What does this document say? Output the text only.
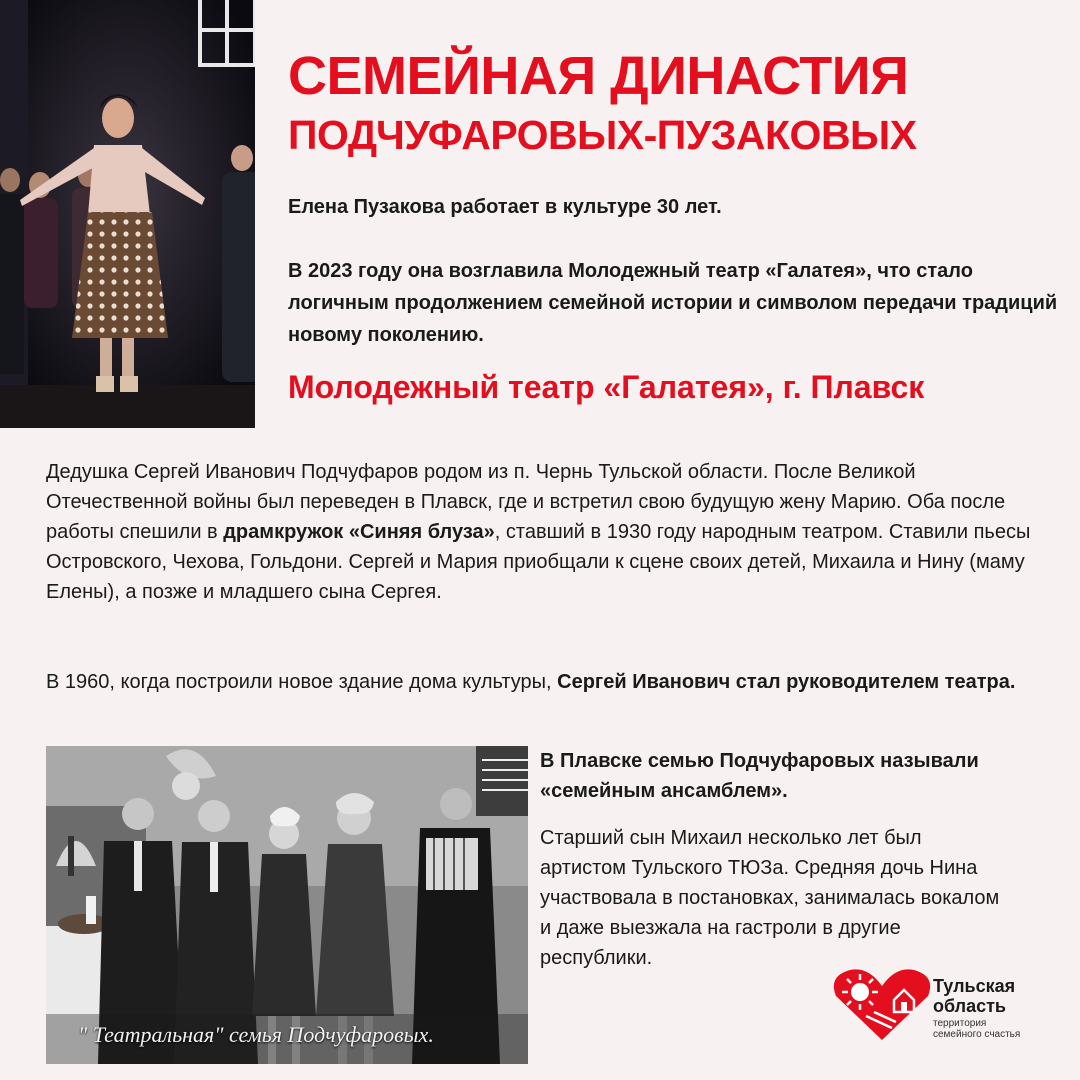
СЕМЕЙНАЯ ДИНАСТИЯ
ПОДЧУФАРОВЫХ-ПУЗАКОВЫХ
Елена Пузакова работает в культуре 30 лет.
В 2023 году она возглавила Молодежный театр «Галатея», что стало логичным продолжением семейной истории и символом передачи традиций новому поколению.
Молодежный театр «Галатея», г. Плавск
Дедушка Сергей Иванович Подчуфаров родом из п. Чернь Тульской области. После Великой Отечественной войны был переведен в Плавск, где и встретил свою будущую жену Марию. Оба после работы спешили в драмкружок «Синяя блуза», ставший в 1930 году народным театром. Ставили пьесы Островского, Чехова, Гольдони. Сергей и Мария приобщали к сцене своих детей, Михаила и Нину (маму Елены), а позже и младшего сына Сергея.
В 1960, когда построили новое здание дома культуры, Сергей Иванович стал руководителем театра.
" Театральная" семья Подчуфаровых.
В Плавске семью Подчуфаровых называли «семейным ансамблем».
Старший сын Михаил несколько лет был артистом Тульского ТЮЗа. Средняя дочь Нина участвовала в постановках, занималась вокалом и даже выезжала на гастроли в другие республики.
Тульская область
территория семейного счастья
